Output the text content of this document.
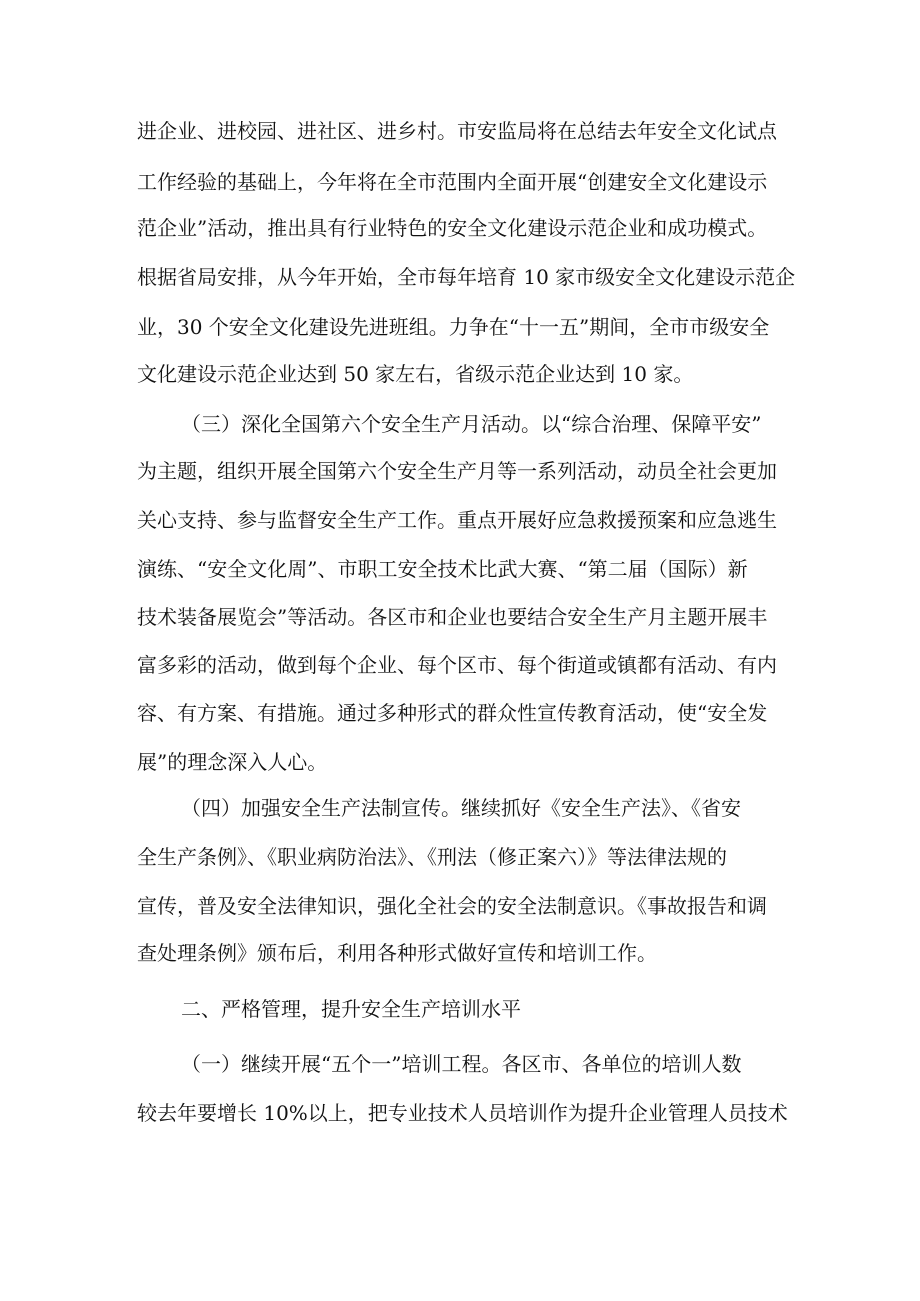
进企业、进校园、进社区、进乡村。市安监局将在总结去年安全文化试点
工作经验的基础上，今年将在全市范围内全面开展“创建安全文化建设示
范企业”活动，推出具有行业特色的安全文化建设示范企业和成功模式。
根据省局安排，从今年开始，全市每年培育 10 家市级安全文化建设示范企
业，30 个安全文化建设先进班组。力争在“十一五”期间，全市市级安全
文化建设示范企业达到 50 家左右，省级示范企业达到 10 家。
（三）深化全国第六个安全生产月活动。以“综合治理、保障平安”
为主题，组织开展全国第六个安全生产月等一系列活动，动员全社会更加
关心支持、参与监督安全生产工作。重点开展好应急救援预案和应急逃生
演练、“安全文化周”、市职工安全技术比武大赛、“第二届（国际）新
技术装备展览会”等活动。各区市和企业也要结合安全生产月主题开展丰
富多彩的活动，做到每个企业、每个区市、每个街道或镇都有活动、有内
容、有方案、有措施。通过多种形式的群众性宣传教育活动，使“安全发
展”的理念深入人心。
（四）加强安全生产法制宣传。继续抓好《安全生产法》、《省安
全生产条例》、《职业病防治法》、《刑法（修正案六）》等法律法规的
宣传，普及安全法律知识，强化全社会的安全法制意识。《事故报告和调
查处理条例》颁布后，利用各种形式做好宣传和培训工作。
二、严格管理，提升安全生产培训水平
（一）继续开展“五个一”培训工程。各区市、各单位的培训人数
较去年要增长 10%以上，把专业技术人员培训作为提升企业管理人员技术
